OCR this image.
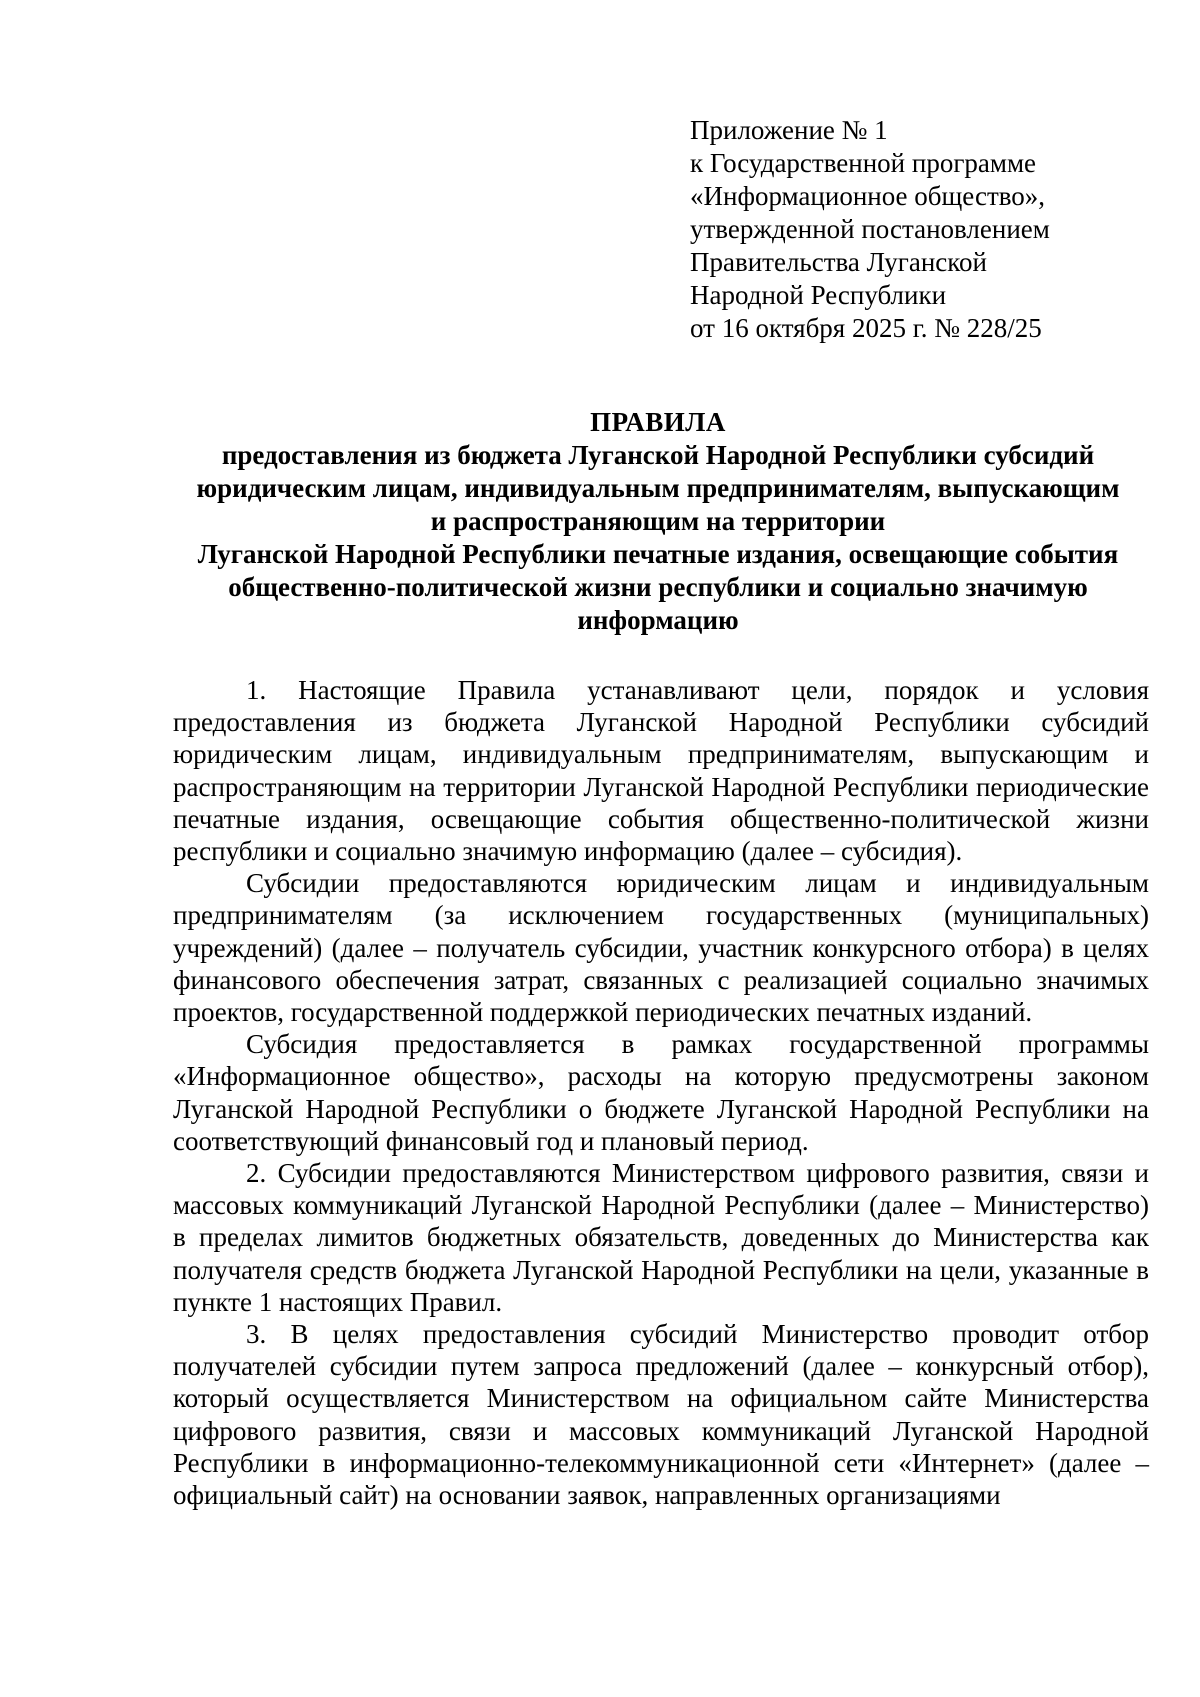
Приложение № 1
к Государственной программе
«Информационное общество»,
утвержденной постановлением
Правительства Луганской
Народной Республики
от 16 октября 2025 г. № 228/25
ПРАВИЛА
предоставления из бюджета Луганской Народной Республики субсидий
юридическим лицам, индивидуальным предпринимателям, выпускающим
и распространяющим на территории
Луганской Народной Республики печатные издания, освещающие события
общественно-политической жизни республики и социально значимую
информацию

1. Настоящие Правила устанавливают цели, порядок и условия предоставления из бюджета Луганской Народной Республики субсидий юридическим лицам, индивидуальным предпринимателям, выпускающим и распространяющим на территории Луганской Народной Республики периодические печатные издания, освещающие события общественно-политической жизни республики и социально значимую информацию (далее – субсидия).

Субсидии предоставляются юридическим лицам и индивидуальным предпринимателям (за исключением государственных (муниципальных) учреждений) (далее – получатель субсидии, участник конкурсного отбора) в целях финансового обеспечения затрат, связанных с реализацией социально значимых проектов, государственной поддержкой периодических печатных изданий.

Субсидия предоставляется в рамках государственной программы «Информационное общество», расходы на которую предусмотрены законом Луганской Народной Республики о бюджете Луганской Народной Республики на соответствующий финансовый год и плановый период.

2. Субсидии предоставляются Министерством цифрового развития, связи и массовых коммуникаций Луганской Народной Республики (далее – Министерство) в пределах лимитов бюджетных обязательств, доведенных до Министерства как получателя средств бюджета Луганской Народной Республики на цели, указанные в пункте 1 настоящих Правил.

3. В целях предоставления субсидий Министерство проводит отбор получателей субсидии путем запроса предложений (далее – конкурсный отбор), который осуществляется Министерством на официальном сайте Министерства цифрового развития, связи и массовых коммуникаций Луганской Народной Республики в информационно-телекоммуникационной сети «Интернет» (далее – официальный сайт) на основании заявок, направленных организациями
